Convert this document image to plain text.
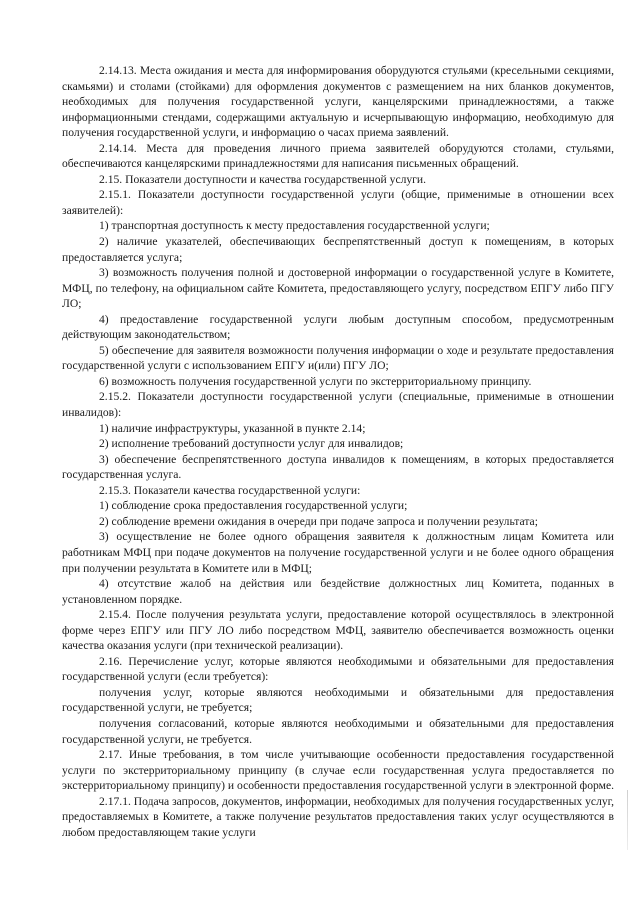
2.14.13. Места ожидания и места для информирования оборудуются стульями (кресельными секциями, скамьями) и столами (стойками) для оформления документов с размещением на них бланков документов, необходимых для получения государственной услуги, канцелярскими принадлежностями, а также информационными стендами, содержащими актуальную и исчерпывающую информацию, необходимую для получения государственной услуги, и информацию о часах приема заявлений.

2.14.14. Места для проведения личного приема заявителей оборудуются столами, стульями, обеспечиваются канцелярскими принадлежностями для написания письменных обращений.

2.15. Показатели доступности и качества государственной услуги.

2.15.1. Показатели доступности государственной услуги (общие, применимые в отношении всех заявителей):

1) транспортная доступность к месту предоставления государственной услуги;

2) наличие указателей, обеспечивающих беспрепятственный доступ к помещениям, в которых предоставляется услуга;

3) возможность получения полной и достоверной информации о государственной услуге в Комитете, МФЦ, по телефону, на официальном сайте Комитета, предоставляющего услугу, посредством ЕПГУ либо ПГУ ЛО;

4) предоставление государственной услуги любым доступным способом, предусмотренным действующим законодательством;

5) обеспечение для заявителя возможности получения информации о ходе и результате предоставления государственной услуги с использованием ЕПГУ и(или) ПГУ ЛО;

6) возможность получения государственной услуги по экстерриториальному принципу.

2.15.2. Показатели доступности государственной услуги (специальные, применимые в отношении инвалидов):

1) наличие инфраструктуры, указанной в пункте 2.14;

2) исполнение требований доступности услуг для инвалидов;

3) обеспечение беспрепятственного доступа инвалидов к помещениям, в которых предоставляется государственная услуга.

2.15.3. Показатели качества государственной услуги:

1) соблюдение срока предоставления государственной услуги;

2) соблюдение времени ожидания в очереди при подаче запроса и получении результата;

3) осуществление не более одного обращения заявителя к должностным лицам Комитета или работникам МФЦ при подаче документов на получение государственной услуги и не более одного обращения при получении результата в Комитете или в МФЦ;

4) отсутствие жалоб на действия или бездействие должностных лиц Комитета, поданных в установленном порядке.

2.15.4. После получения результата услуги, предоставление которой осуществлялось в электронной форме через ЕПГУ или ПГУ ЛО либо посредством МФЦ, заявителю обеспечивается возможность оценки качества оказания услуги (при технической реализации).

2.16. Перечисление услуг, которые являются необходимыми и обязательными для предоставления государственной услуги (если требуется):

получения услуг, которые являются необходимыми и обязательными для предоставления государственной услуги, не требуется;

получения согласований, которые являются необходимыми и обязательными для предоставления государственной услуги, не требуется.

2.17. Иные требования, в том числе учитывающие особенности предоставления государственной услуги по экстерриториальному принципу (в случае если государственная услуга предоставляется по экстерриториальному принципу) и особенности предоставления государственной услуги в электронной форме.

2.17.1. Подача запросов, документов, информации, необходимых для получения государственных услуг, предоставляемых в Комитете, а также получение результатов предоставления таких услуг осуществляются в любом предоставляющем такие услуги
